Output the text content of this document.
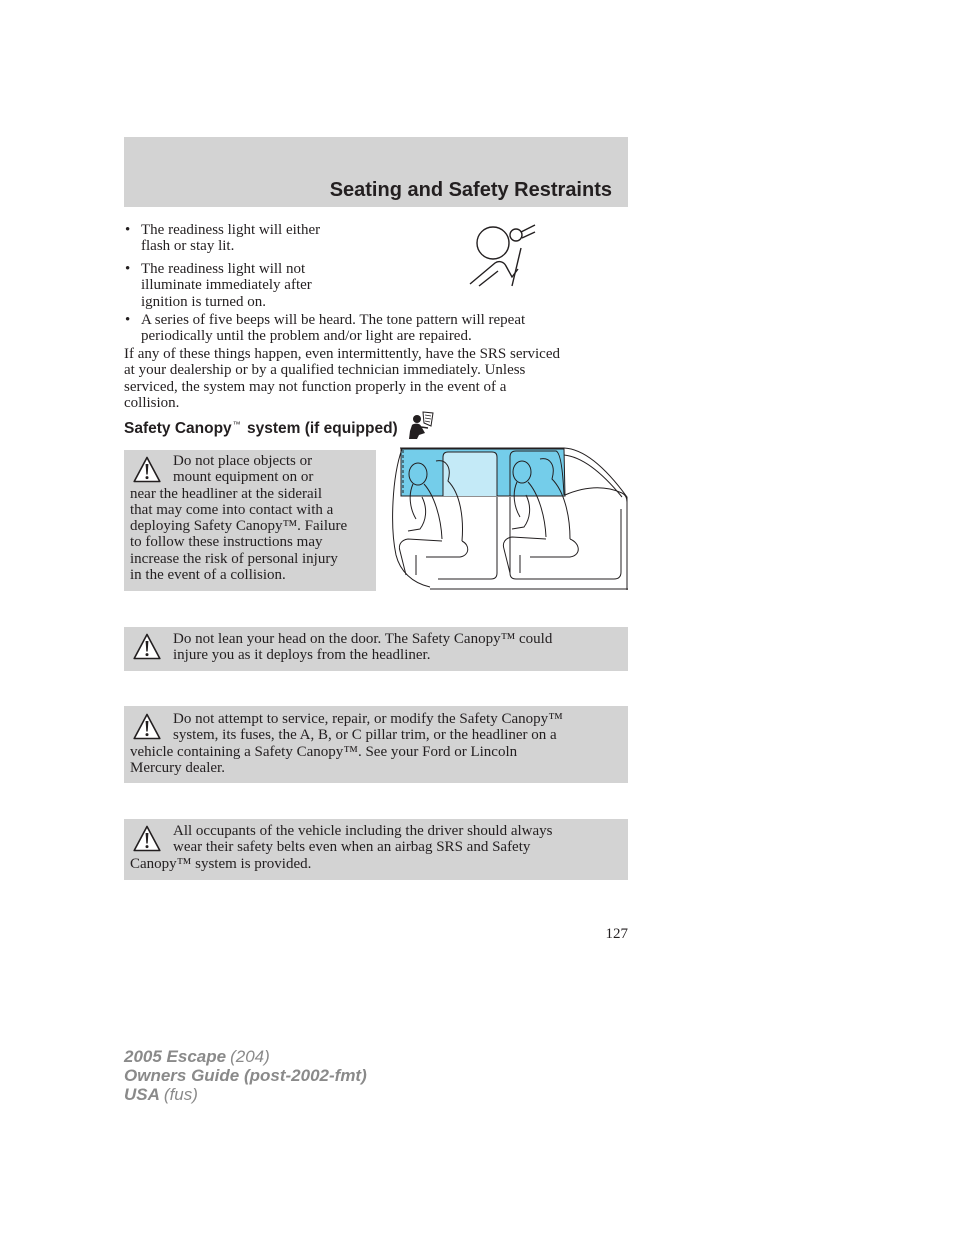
Seating and Safety Restraints
• The readiness light will either
flash or stay lit.
• The readiness light will not
illuminate immediately after
ignition is turned on.
• A series of five beeps will be heard. The tone pattern will repeat
periodically until the problem and/or light are repaired.
If any of these things happen, even intermittently, have the SRS serviced
at your dealership or by a qualified technician immediately. Unless
serviced, the system may not function properly in the event of a
collision.
Safety Canopy™ system (if equipped)
Do not place objects or
mount equipment on or
near the headliner at the siderail
that may come into contact with a
deploying Safety Canopy™. Failure
to follow these instructions may
increase the risk of personal injury
in the event of a collision.
Do not lean your head on the door. The Safety Canopy™ could
injure you as it deploys from the headliner.
Do not attempt to service, repair, or modify the Safety Canopy™
system, its fuses, the A, B, or C pillar trim, or the headliner on a
vehicle containing a Safety Canopy™. See your Ford or Lincoln
Mercury dealer.
All occupants of the vehicle including the driver should always
wear their safety belts even when an airbag SRS and Safety
Canopy™ system is provided.
127
2005 Escape (204)
Owners Guide (post-2002-fmt)
USA (fus)
